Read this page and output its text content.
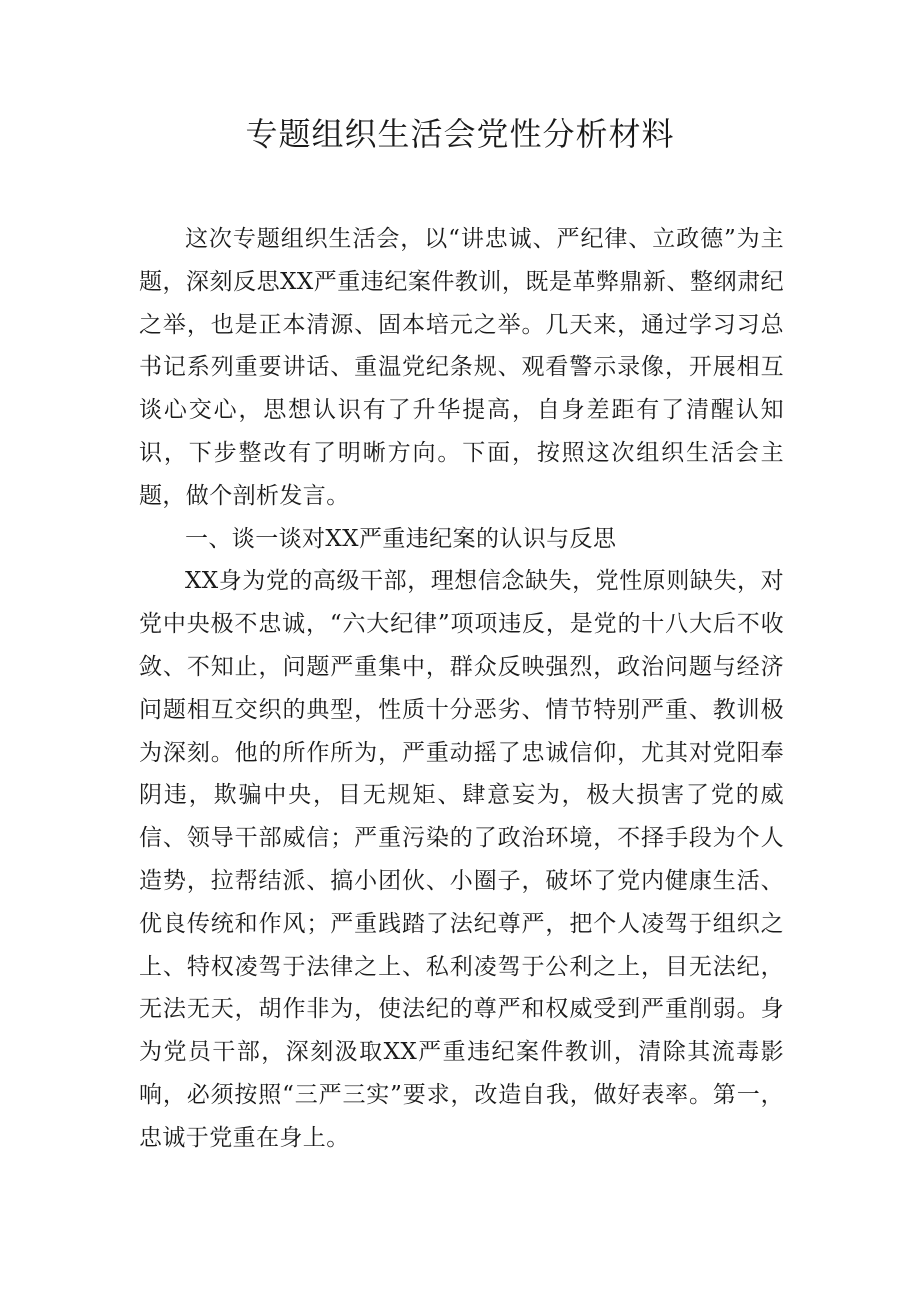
专题组织生活会党性分析材料

这次专题组织生活会，以“讲忠诚、严纪律、立政德”为主题，深刻反思XX严重违纪案件教训，既是革弊鼎新、整纲肃纪之举，也是正本清源、固本培元之举。几天来，通过学习习总书记系列重要讲话、重温党纪条规、观看警示录像，开展相互谈心交心，思想认识有了升华提高，自身差距有了清醒认知识，下步整改有了明晰方向。下面，按照这次组织生活会主题，做个剖析发言。

一、谈一谈对XX严重违纪案的认识与反思

XX身为党的高级干部，理想信念缺失，党性原则缺失，对党中央极不忠诚，“六大纪律”项项违反，是党的十八大后不收敛、不知止，问题严重集中，群众反映强烈，政治问题与经济问题相互交织的典型，性质十分恶劣、情节特别严重、教训极为深刻。他的所作所为，严重动摇了忠诚信仰，尤其对党阳奉阴违，欺骗中央，目无规矩、肆意妄为，极大损害了党的威信、领导干部威信；严重污染的了政治环境，不择手段为个人造势，拉帮结派、搞小团伙、小圈子，破坏了党内健康生活、优良传统和作风；严重践踏了法纪尊严，把个人凌驾于组织之上、特权凌驾于法律之上、私利凌驾于公利之上，目无法纪，无法无天，胡作非为，使法纪的尊严和权威受到严重削弱。身为党员干部，深刻汲取XX严重违纪案件教训，清除其流毒影响，必须按照“三严三实”要求，改造自我，做好表率。第一，忠诚于党重在身上。
